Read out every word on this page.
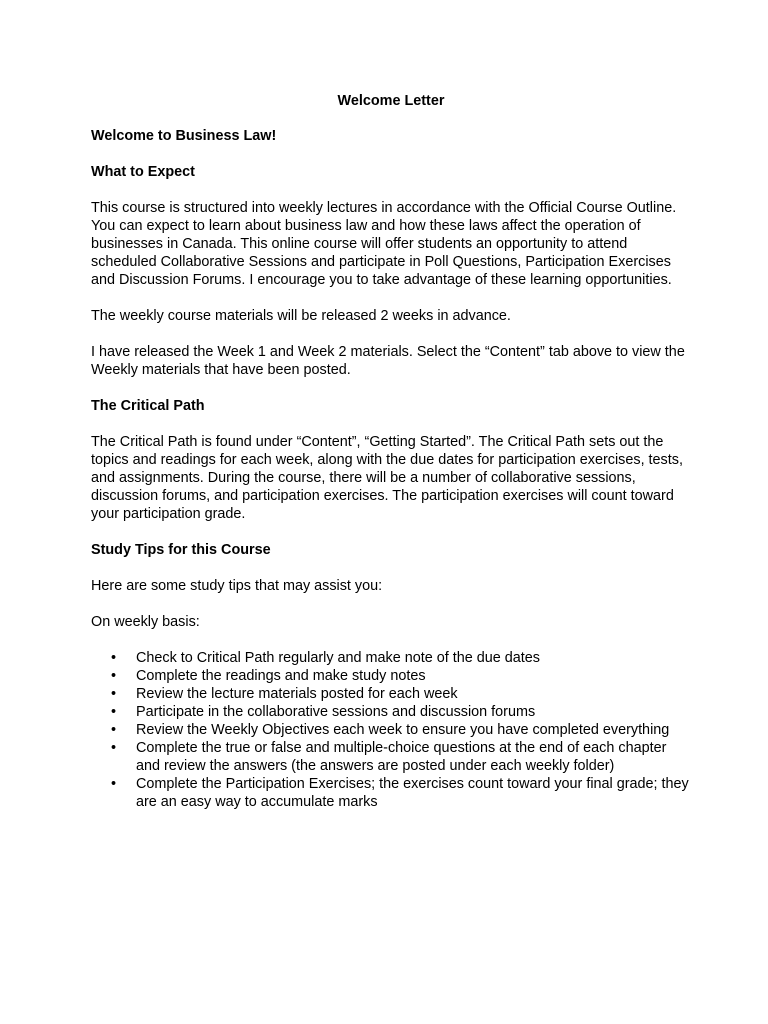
Welcome Letter
Welcome to Business Law!
What to Expect

This course is structured into weekly lectures in accordance with the Official Course Outline. You can expect to learn about business law and how these laws affect the operation of businesses in Canada. This online course will offer students an opportunity to attend scheduled Collaborative Sessions and participate in Poll Questions, Participation Exercises and Discussion Forums. I encourage you to take advantage of these learning opportunities.

The weekly course materials will be released 2 weeks in advance.

I have released the Week 1 and Week 2 materials. Select the “Content” tab above to view the Weekly materials that have been posted.

The Critical Path

The Critical Path is found under “Content”, “Getting Started”. The Critical Path sets out the topics and readings for each week, along with the due dates for participation exercises, tests, and assignments. During the course, there will be a number of collaborative sessions, discussion forums, and participation exercises. The participation exercises will count toward your participation grade.

Study Tips for this Course

Here are some study tips that may assist you:

On weekly basis:

• Check to Critical Path regularly and make note of the due dates
• Complete the readings and make study notes
• Review the lecture materials posted for each week
• Participate in the collaborative sessions and discussion forums
• Review the Weekly Objectives each week to ensure you have completed everything
• Complete the true or false and multiple-choice questions at the end of each chapter and review the answers (the answers are posted under each weekly folder)
• Complete the Participation Exercises; the exercises count toward your final grade; they are an easy way to accumulate marks
